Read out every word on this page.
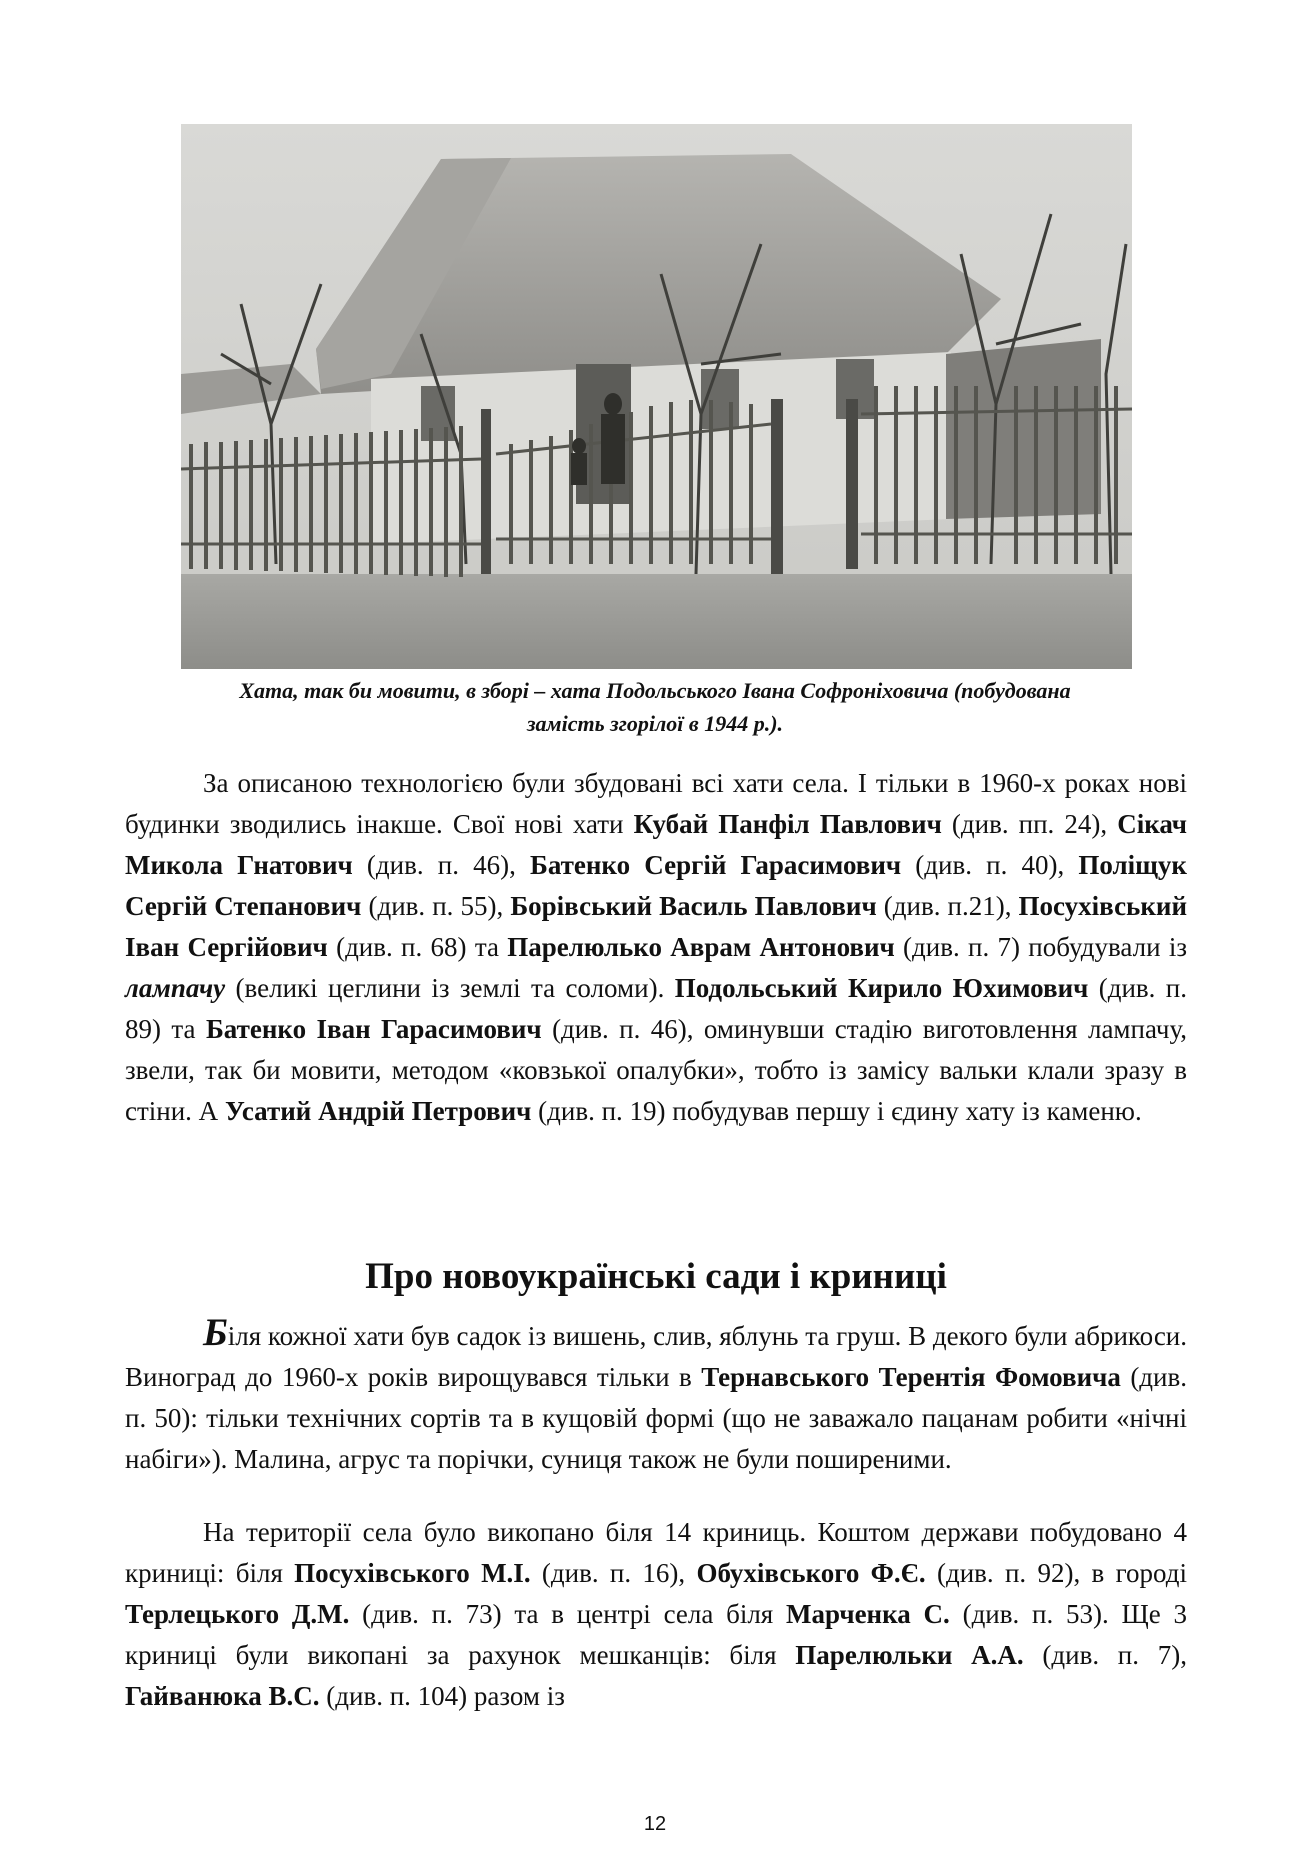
Хата, так би мовити, в зборі – хата Подольського Івана Софроніховича (побудована
замість згорілої в 1944 р.).

За описаною технологією були збудовані всі хати села. І тільки в 1960-х роках нові будинки зводились інакше. Свої нові хати Кубай Панфіл Павлович (див. пп. 24), Сікач Микола Гнатович (див. п. 46), Батенко Сергій Гарасимович (див. п. 40), Поліщук Сергій Степанович (див. п. 55), Борівський Василь Павлович (див. п.21), Посухівський Іван Сергійович (див. п. 68) та Парелюлько Аврам Антонович (див. п. 7) побудували із лампачу (великі цеглини із землі та соломи). Подольський Кирило Юхимович (див. п. 89) та Батенко Іван Гарасимович (див. п. 46), оминувши стадію виготовлення лампачу, звели, так би мовити, методом «ковзької опалубки», тобто із замісу вальки клали зразу в стіни. А Усатий Андрій Петрович (див. п. 19) побудував першу і єдину хату із каменю.

Про новоукраїнські сади і криниці

Біля кожної хати був садок із вишень, слив, яблунь та груш. В декого були абрикоси. Виноград до 1960-х років вирощувався тільки в Тернавського Терентія Фомовича (див. п. 50): тільки технічних сортів та в кущовій формі (що не заважало пацанам робити «нічні набіги»). Малина, агрус та порічки, суниця також не були поширеними.

На території села було викопано біля 14 криниць. Коштом держави побудовано 4 криниці: біля Посухівського М.І. (див. п. 16), Обухівського Ф.Є. (див. п. 92), в городі Терлецького Д.М. (див. п. 73) та в центрі села біля Марченка С. (див. п. 53). Ще 3 криниці були викопані за рахунок мешканців: біля Парелюльки А.А. (див. п. 7), Гайванюка В.С. (див. п. 104) разом із

12
